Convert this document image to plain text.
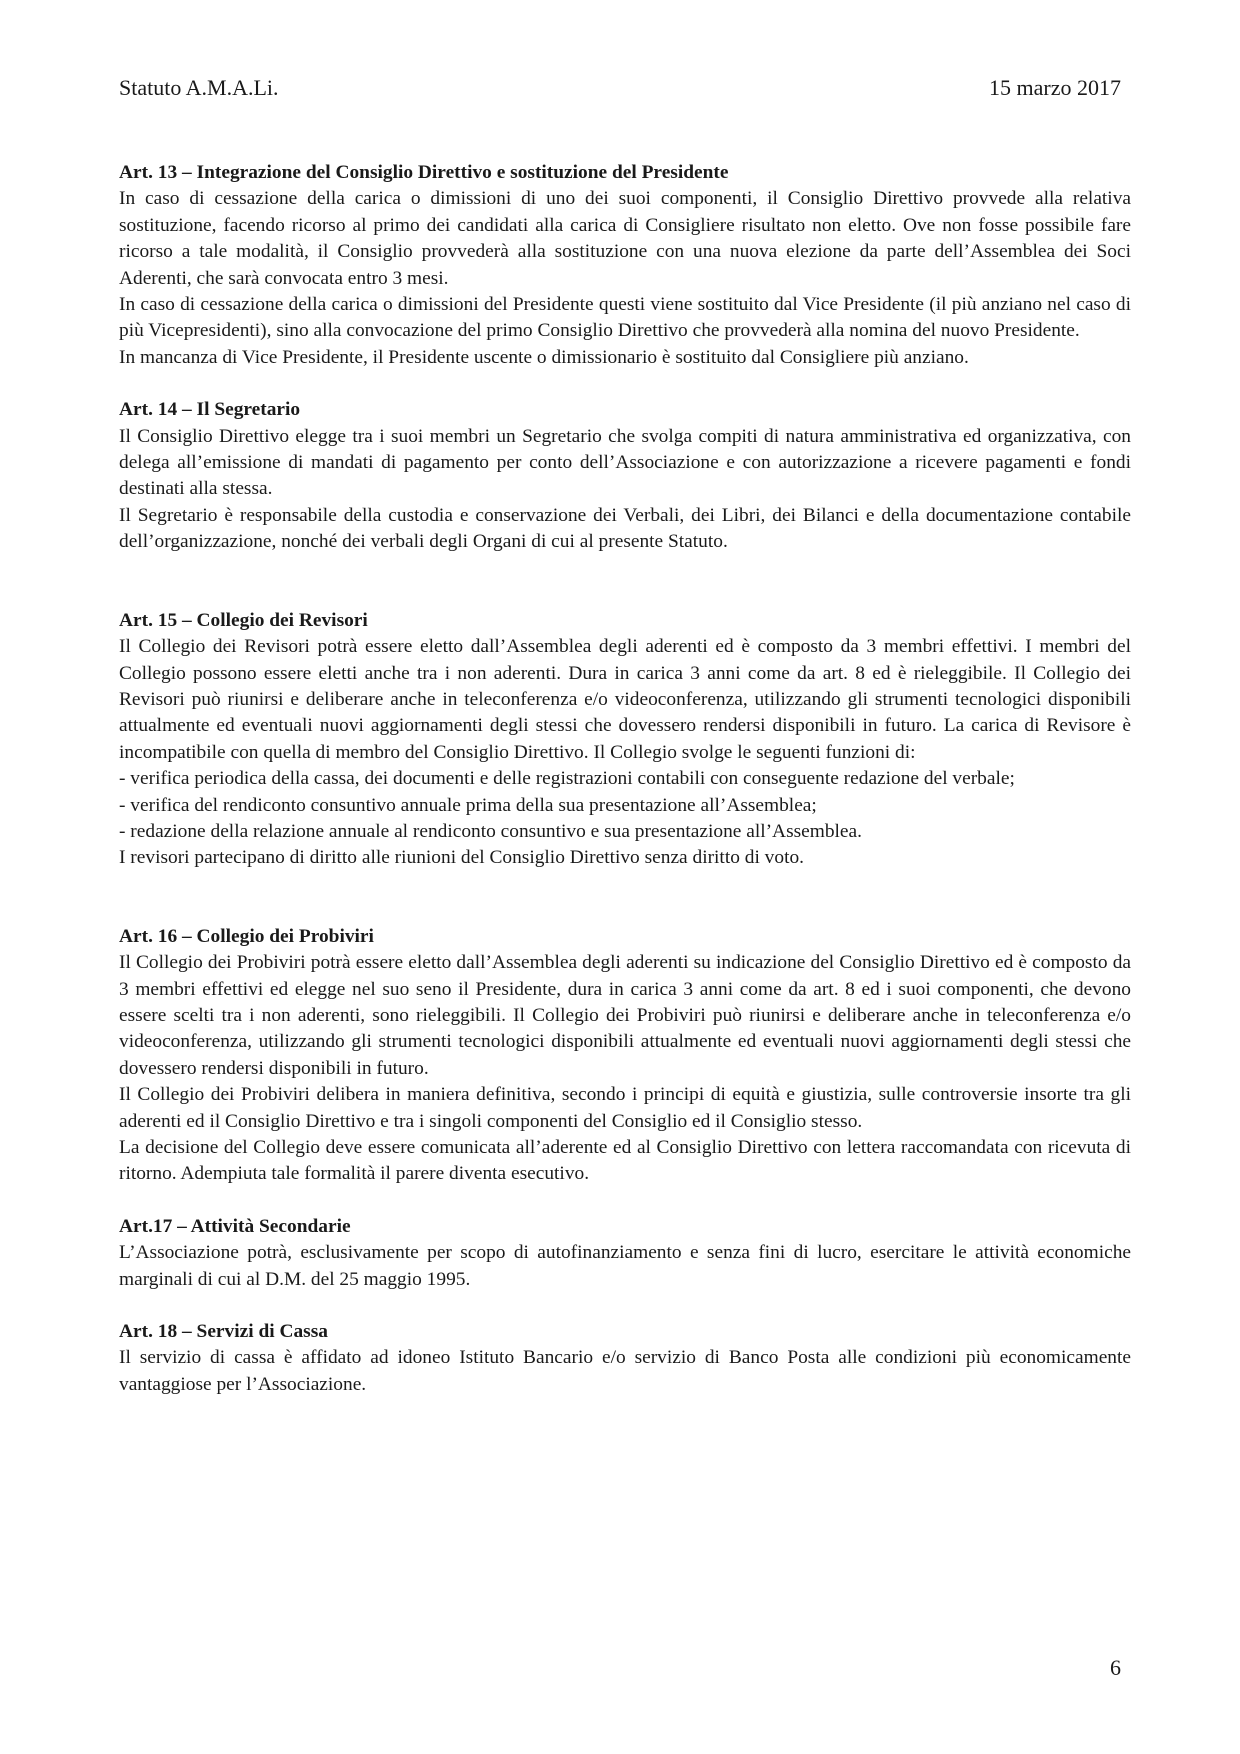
Statuto A.M.A.Li.	15 marzo 2017

Art. 13 – Integrazione del Consiglio Direttivo e sostituzione del Presidente

In caso di cessazione della carica o dimissioni di uno dei suoi componenti, il Consiglio Direttivo provvede alla relativa sostituzione, facendo ricorso al primo dei candidati alla carica di Consigliere risultato non eletto. Ove non fosse possibile fare ricorso a tale modalità, il Consiglio provvederà alla sostituzione con una nuova elezione da parte dell’Assemblea dei Soci Aderenti, che sarà convocata entro 3 mesi.

In caso di cessazione della carica o dimissioni del Presidente questi viene sostituito dal Vice Presidente (il più anziano nel caso di più Vicepresidenti), sino alla convocazione del primo Consiglio Direttivo che provvederà alla nomina del nuovo Presidente.

In mancanza di Vice Presidente, il Presidente uscente o dimissionario è sostituito dal Consigliere più anziano.

Art. 14 – Il Segretario

Il Consiglio Direttivo elegge tra i suoi membri un Segretario che svolga compiti di natura amministrativa ed organizzativa, con delega all’emissione di mandati di pagamento per conto dell’Associazione e con autorizzazione a ricevere pagamenti e fondi destinati alla stessa.

Il Segretario è responsabile della custodia e conservazione dei Verbali, dei Libri, dei Bilanci e della documentazione contabile dell’organizzazione, nonché dei verbali degli Organi di cui al presente Statuto.

Art. 15 – Collegio dei Revisori

Il Collegio dei Revisori potrà essere eletto dall’Assemblea degli aderenti ed è composto da 3 membri effettivi. I membri del Collegio possono essere eletti anche tra i non aderenti. Dura in carica 3 anni come da art. 8 ed è rieleggibile. Il Collegio dei Revisori può riunirsi e deliberare anche in teleconferenza e/o videoconferenza, utilizzando gli strumenti tecnologici disponibili attualmente ed eventuali nuovi aggiornamenti degli stessi che dovessero rendersi disponibili in futuro. La carica di Revisore è incompatibile con quella di membro del Consiglio Direttivo. Il Collegio svolge le seguenti funzioni di:

- verifica periodica della cassa, dei documenti e delle registrazioni contabili con conseguente redazione del verbale;

- verifica del rendiconto consuntivo annuale prima della sua presentazione all’Assemblea;

- redazione della relazione annuale al rendiconto consuntivo e sua presentazione all’Assemblea.

I revisori partecipano di diritto alle riunioni del Consiglio Direttivo senza diritto di voto.

Art. 16 – Collegio dei Probiviri

Il Collegio dei Probiviri potrà essere eletto dall’Assemblea degli aderenti su indicazione del Consiglio Direttivo ed è composto da 3 membri effettivi ed elegge nel suo seno il Presidente, dura in carica 3 anni come da art. 8 ed i suoi componenti, che devono essere scelti tra i non aderenti, sono rieleggibili. Il Collegio dei Probiviri può riunirsi e deliberare anche in teleconferenza e/o videoconferenza, utilizzando gli strumenti tecnologici disponibili attualmente ed eventuali nuovi aggiornamenti degli stessi che dovessero rendersi disponibili in futuro.

Il Collegio dei Probiviri delibera in maniera definitiva, secondo i principi di equità e giustizia, sulle controversie insorte tra gli aderenti ed il Consiglio Direttivo e tra i singoli componenti del Consiglio ed il Consiglio stesso.

La decisione del Collegio deve essere comunicata all’aderente ed al Consiglio Direttivo con lettera raccomandata con ricevuta di ritorno. Adempiuta tale formalità il parere diventa esecutivo.

Art.17 – Attività Secondarie

L’Associazione potrà, esclusivamente per scopo di autofinanziamento e senza fini di lucro, esercitare le attività economiche marginali di cui al D.M. del 25 maggio 1995.

Art. 18 – Servizi di Cassa

Il servizio di cassa è affidato ad idoneo Istituto Bancario e/o servizio di Banco Posta alle condizioni più economicamente vantaggiose per l’Associazione.

6
